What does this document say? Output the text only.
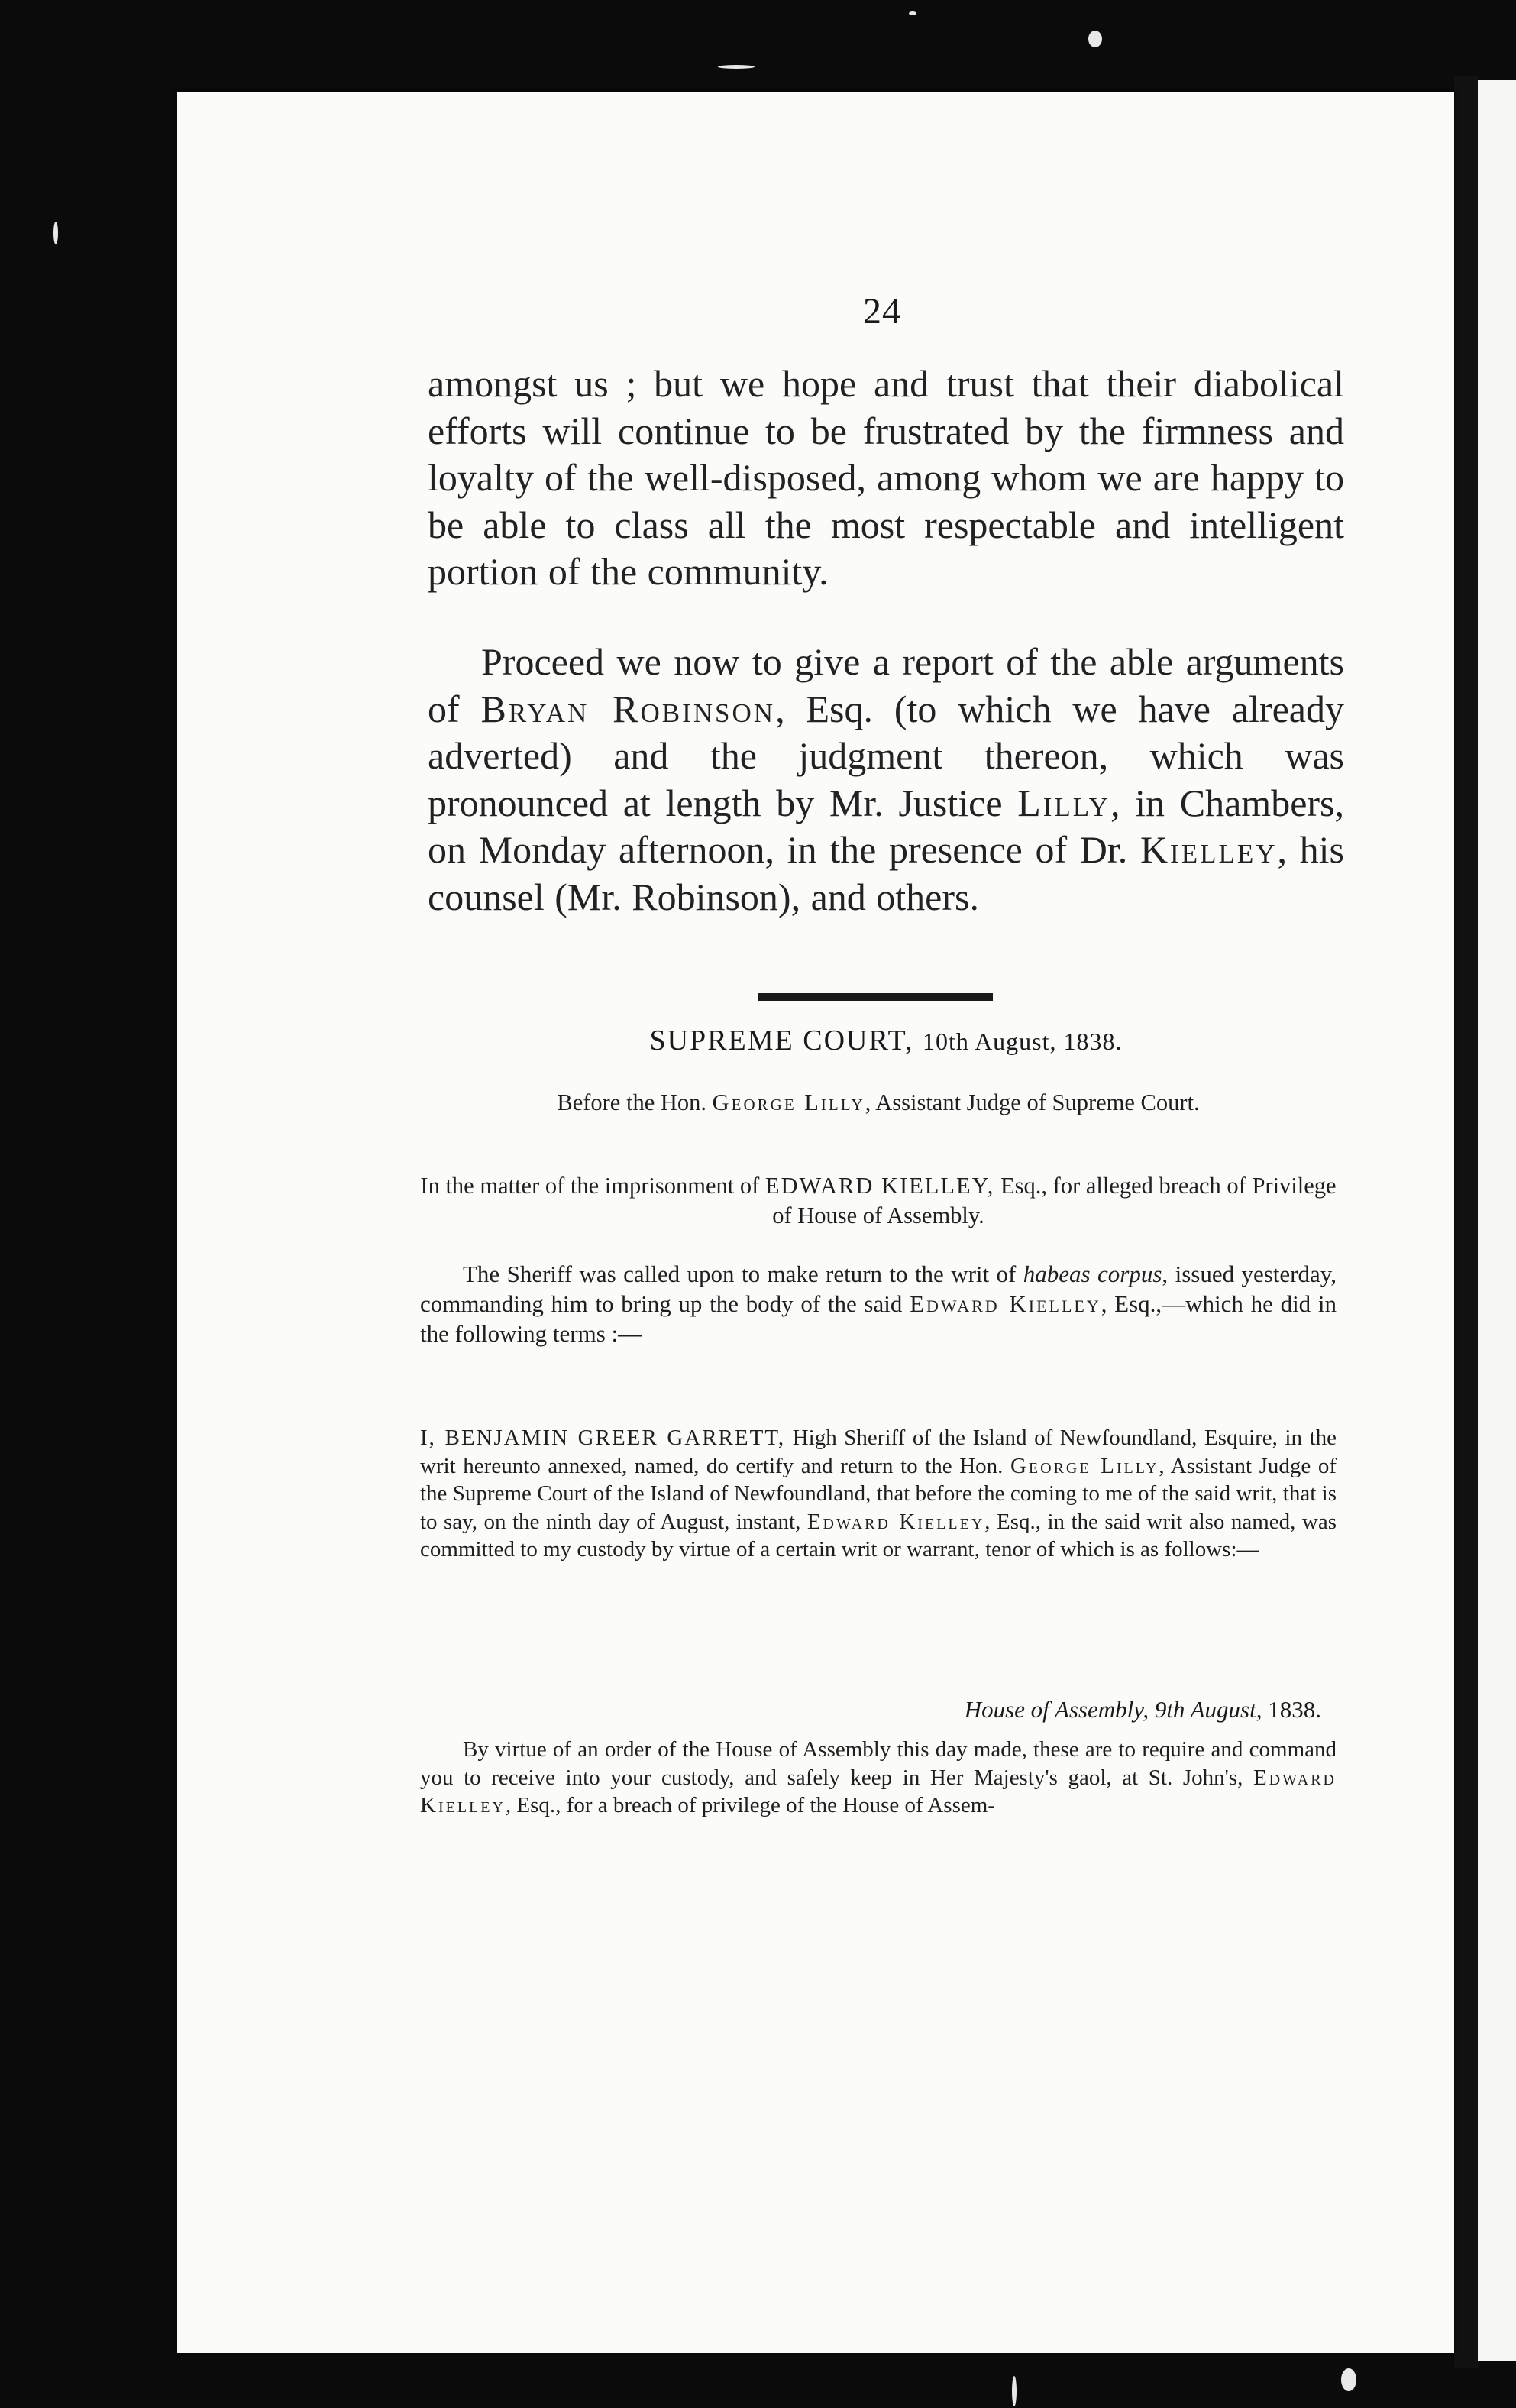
24
amongst us ; but we hope and trust that their diabolical efforts will continue to be frustrated by the firmness and loyalty of the well-disposed, among whom we are happy to be able to class all the most respectable and intelligent portion of the community.
Proceed we now to give a report of the able arguments of Bryan Robinson, Esq. (to which we have already adverted) and the judgment thereon, which was pronounced at length by Mr. Justice Lilly, in Chambers, on Monday afternoon, in the presence of Dr. Kielley, his counsel (Mr. Robinson), and others.
SUPREME COURT, 10th August, 1838.
Before the Hon. George Lilly, Assistant Judge of Supreme Court.
In the matter of the imprisonment of EDWARD KIELLEY, Esq., for alleged breach of Privilege of House of Assembly.
The Sheriff was called upon to make return to the writ of habeas corpus, issued yesterday, commanding him to bring up the body of the said Edward Kielley, Esq.,—which he did in the following terms :—
I, BENJAMIN GREER GARRETT, High Sheriff of the Island of Newfoundland, Esquire, in the writ hereunto annexed, named, do certify and return to the Hon. George Lilly, Assistant Judge of the Supreme Court of the Island of Newfoundland, that before the coming to me of the said writ, that is to say, on the ninth day of August, instant, Edward Kielley, Esq., in the said writ also named, was committed to my custody by virtue of a certain writ or warrant, tenor of which is as follows:—
House of Assembly, 9th August, 1838.
By virtue of an order of the House of Assembly this day made, these are to require and command you to receive into your custody, and safely keep in Her Majesty's gaol, at St. John's, Edward Kielley, Esq., for a breach of privilege of the House of Assem-
